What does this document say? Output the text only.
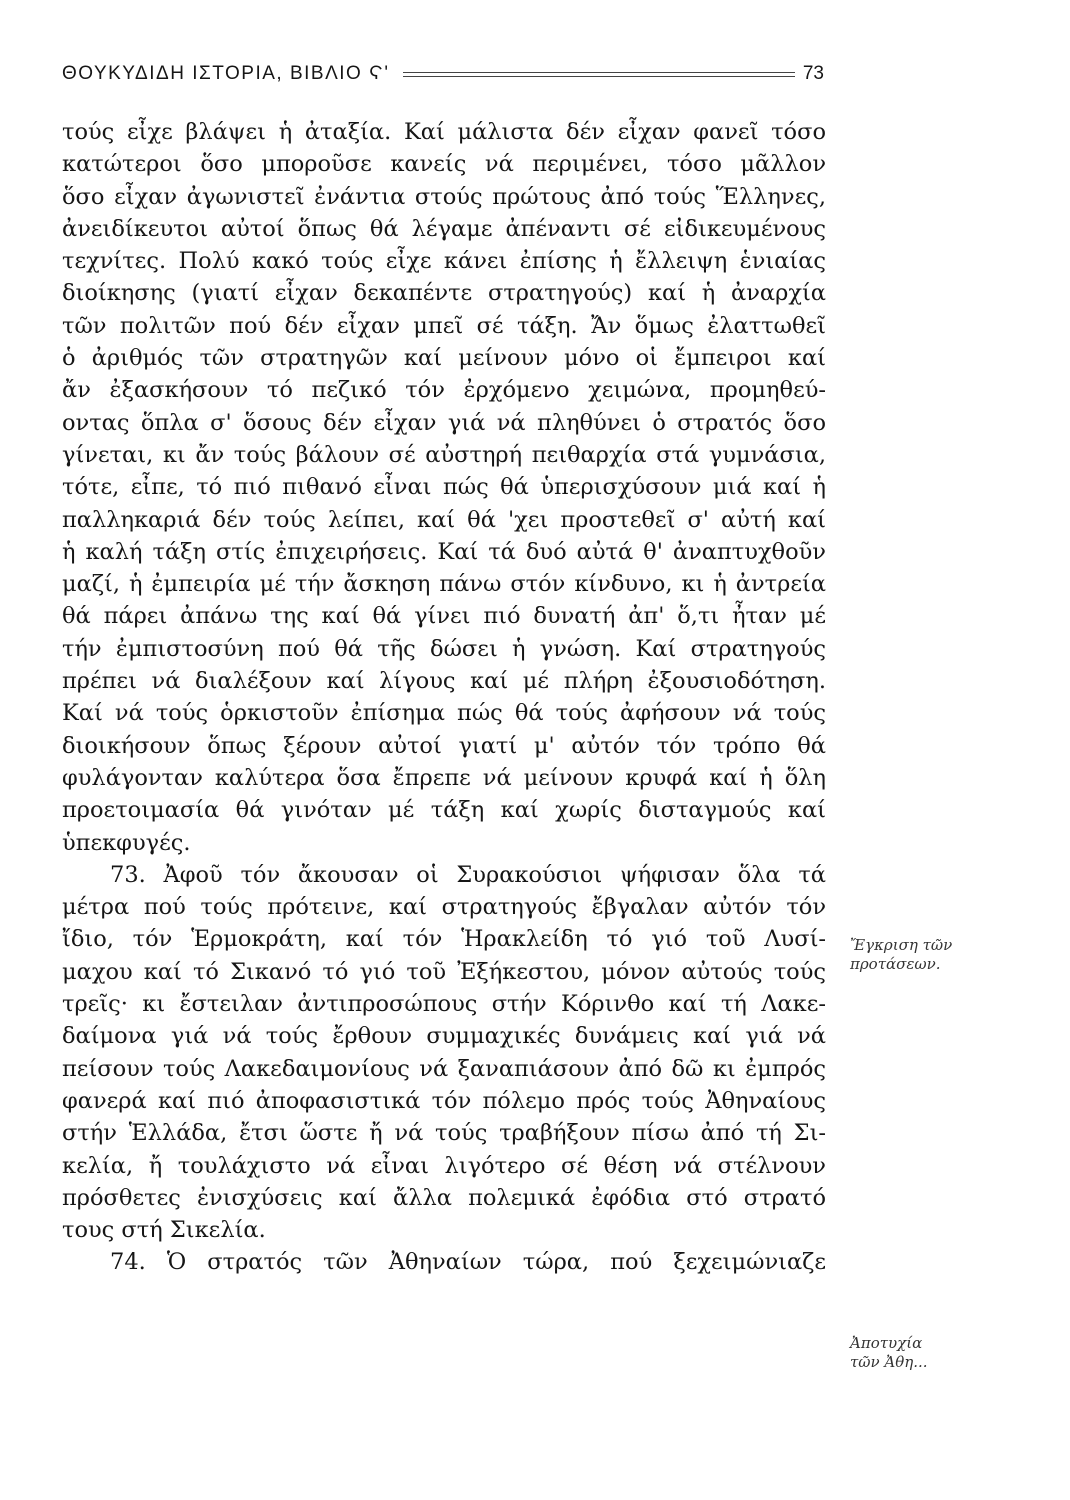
ΘΟΥΚΥΔΙΔΗ ΙΣΤΟΡΙΑ, ΒΙΒΛΙΟ Ϛ'	73
τούς εἶχε βλάψει ἡ ἀταξία. Καί μάλιστα δέν εἶχαν φανεῖ τόσο
κατώτεροι ὅσο μποροῦσε κανείς νά περιμένει, τόσο μᾶλλον
ὅσο εἶχαν ἀγωνιστεῖ ἐνάντια στούς πρώτους ἀπό τούς Ἕλληνες,
ἀνειδίκευτοι αὐτοί ὅπως θά λέγαμε ἀπέναντι σέ εἰδικευμένους
τεχνίτες. Πολύ κακό τούς εἶχε κάνει ἐπίσης ἡ ἔλλειψη ἑνιαίας
διοίκησης (γιατί εἶχαν δεκαπέντε στρατηγούς) καί ἡ ἀναρχία
τῶν πολιτῶν πού δέν εἶχαν μπεῖ σέ τάξη. Ἄν ὅμως ἐλαττωθεῖ
ὁ ἀριθμός τῶν στρατηγῶν καί μείνουν μόνο οἱ ἔμπειροι καί
ἄν ἐξασκήσουν τό πεζικό τόν ἐρχόμενο χειμώνα, προμηθεύ-
οντας ὅπλα σ' ὅσους δέν εἶχαν γιά νά πληθύνει ὁ στρατός ὅσο
γίνεται, κι ἄν τούς βάλουν σέ αὐστηρή πειθαρχία στά γυμνάσια,
τότε, εἶπε, τό πιό πιθανό εἶναι πώς θά ὑπερισχύσουν μιά καί ἡ
παλληκαριά δέν τούς λείπει, καί θά 'χει προστεθεῖ σ' αὐτή καί
ἡ καλή τάξη στίς ἐπιχειρήσεις. Καί τά δυό αὐτά θ' ἀναπτυχθοῦν
μαζί, ἡ ἐμπειρία μέ τήν ἄσκηση πάνω στόν κίνδυνο, κι ἡ ἀντρεία
θά πάρει ἀπάνω της καί θά γίνει πιό δυνατή ἀπ' ὅ,τι ἦταν μέ
τήν ἐμπιστοσύνη πού θά τῆς δώσει ἡ γνώση. Καί στρατηγούς
πρέπει νά διαλέξουν καί λίγους καί μέ πλήρη ἐξουσιοδότηση.
Καί νά τούς ὁρκιστοῦν ἐπίσημα πώς θά τούς ἀφήσουν νά τούς
διοικήσουν ὅπως ξέρουν αὐτοί γιατί μ' αὐτόν τόν τρόπο θά
φυλάγονταν καλύτερα ὅσα ἔπρεπε νά μείνουν κρυφά καί ἡ ὅλη
προετοιμασία θά γινόταν μέ τάξη καί χωρίς δισταγμούς καί
ὑπεκφυγές.
73. Ἀφοῦ τόν ἄκουσαν οἱ Συρακούσιοι ψήφισαν ὅλα τά
μέτρα πού τούς πρότεινε, καί στρατηγούς ἔβγαλαν αὐτόν τόν
ἴδιο, τόν Ἑρμοκράτη, καί τόν Ἡρακλείδη τό γιό τοῦ Λυσί-
μαχου καί τό Σικανό τό γιό τοῦ Ἐξήκεστου, μόνον αὐτούς τούς
τρεῖς· κι ἔστειλαν ἀντιπροσώπους στήν Κόρινθο καί τή Λακε-
δαίμονα γιά νά τούς ἔρθουν συμμαχικές δυνάμεις καί γιά νά
πείσουν τούς Λακεδαιμονίους νά ξαναπιάσουν ἀπό δῶ κι ἐμπρός
φανερά καί πιό ἀποφασιστικά τόν πόλεμο πρός τούς Ἀθηναίους
στήν Ἑλλάδα, ἔτσι ὥστε ἤ νά τούς τραβήξουν πίσω ἀπό τή Σι-
κελία, ἤ τουλάχιστο νά εἶναι λιγότερο σέ θέση νά στέλνουν
πρόσθετες ἐνισχύσεις καί ἄλλα πολεμικά ἐφόδια στό στρατό
τους στή Σικελία.
74. Ὁ στρατός τῶν Ἀθηναίων τώρα, πού ξεχειμώνιαζε
Ἔγκριση τῶν
προτάσεων.
Ἀποτυχία
τῶν Ἀθη...
